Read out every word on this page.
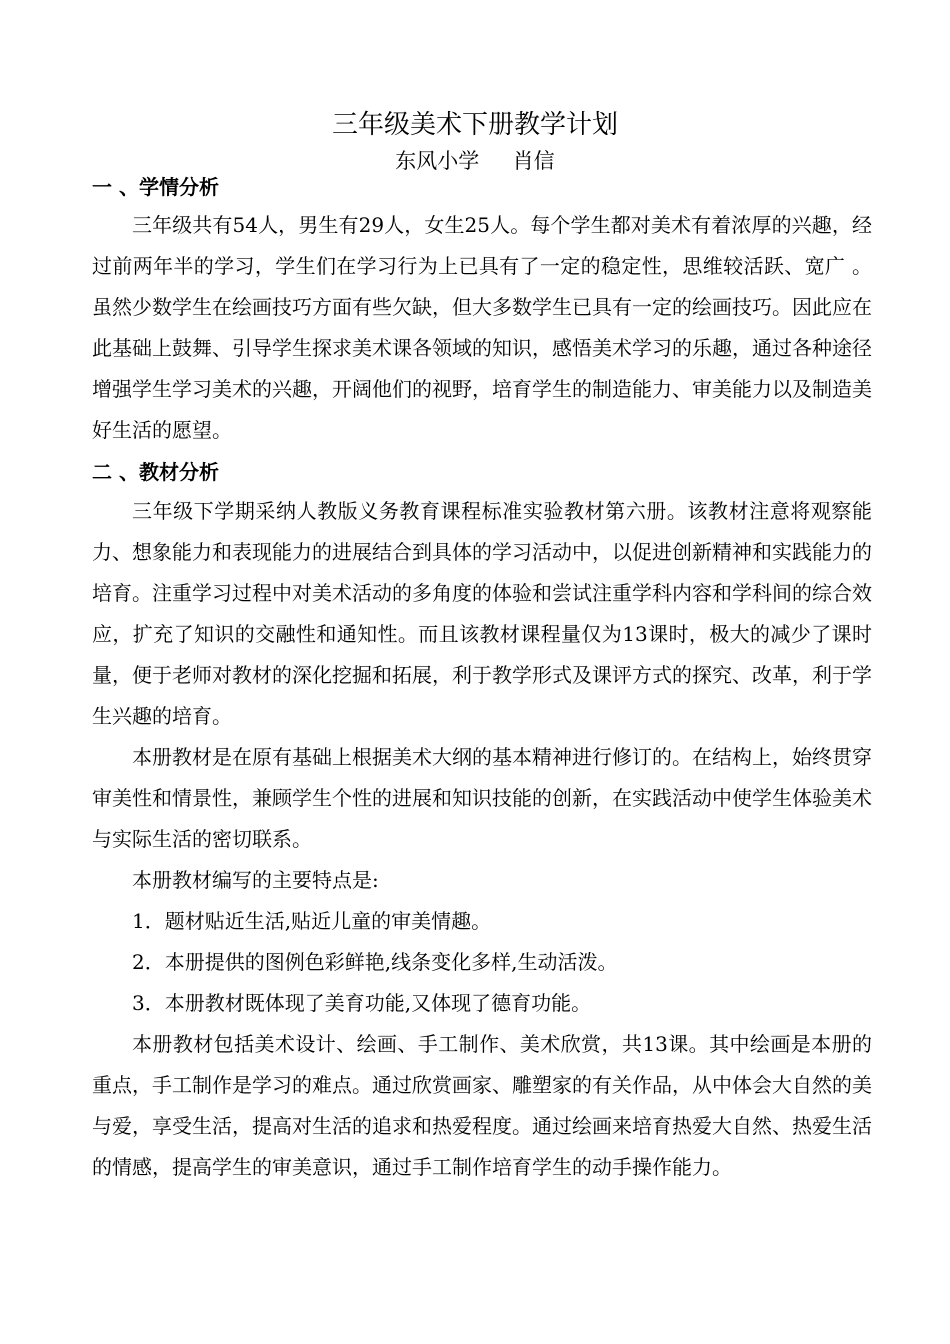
三年级美术下册教学计划
东风小学     肖信
一 、学情分析

三年级共有54人，男生有29人，女生25人。每个学生都对美术有着浓厚的兴趣，经过前两年半的学习，学生们在学习行为上已具有了一定的稳定性，思维较活跃、宽广 。虽然少数学生在绘画技巧方面有些欠缺，但大多数学生已具有一定的绘画技巧。因此应在此基础上鼓舞、引导学生探求美术课各领域的知识，感悟美术学习的乐趣，通过各种途径增强学生学习美术的兴趣，开阔他们的视野，培育学生的制造能力、审美能力以及制造美好生活的愿望。

二 、教材分析

三年级下学期采纳人教版义务教育课程标准实验教材第六册。该教材注意将观察能力、想象能力和表现能力的进展结合到具体的学习活动中，以促进创新精神和实践能力的培育。注重学习过程中对美术活动的多角度的体验和尝试注重学科内容和学科间的综合效应，扩充了知识的交融性和通知性。而且该教材课程量仅为13课时，极大的减少了课时量，便于老师对教材的深化挖掘和拓展，利于教学形式及课评方式的探究、改革，利于学生兴趣的培育。

本册教材是在原有基础上根据美术大纲的基本精神进行修订的。在结构上，始终贯穿审美性和情景性，兼顾学生个性的进展和知识技能的创新，在实践活动中使学生体验美术与实际生活的密切联系。

本册教材编写的主要特点是:

1．题材贴近生活,贴近儿童的审美情趣。

2．本册提供的图例色彩鲜艳,线条变化多样,生动活泼。

3．本册教材既体现了美育功能,又体现了德育功能。

本册教材包括美术设计、绘画、手工制作、美术欣赏，共13课。其中绘画是本册的重点，手工制作是学习的难点。通过欣赏画家、雕塑家的有关作品，从中体会大自然的美与爱，享受生活，提高对生活的追求和热爱程度。通过绘画来培育热爱大自然、热爱生活的情感，提高学生的审美意识，通过手工制作培育学生的动手操作能力。
